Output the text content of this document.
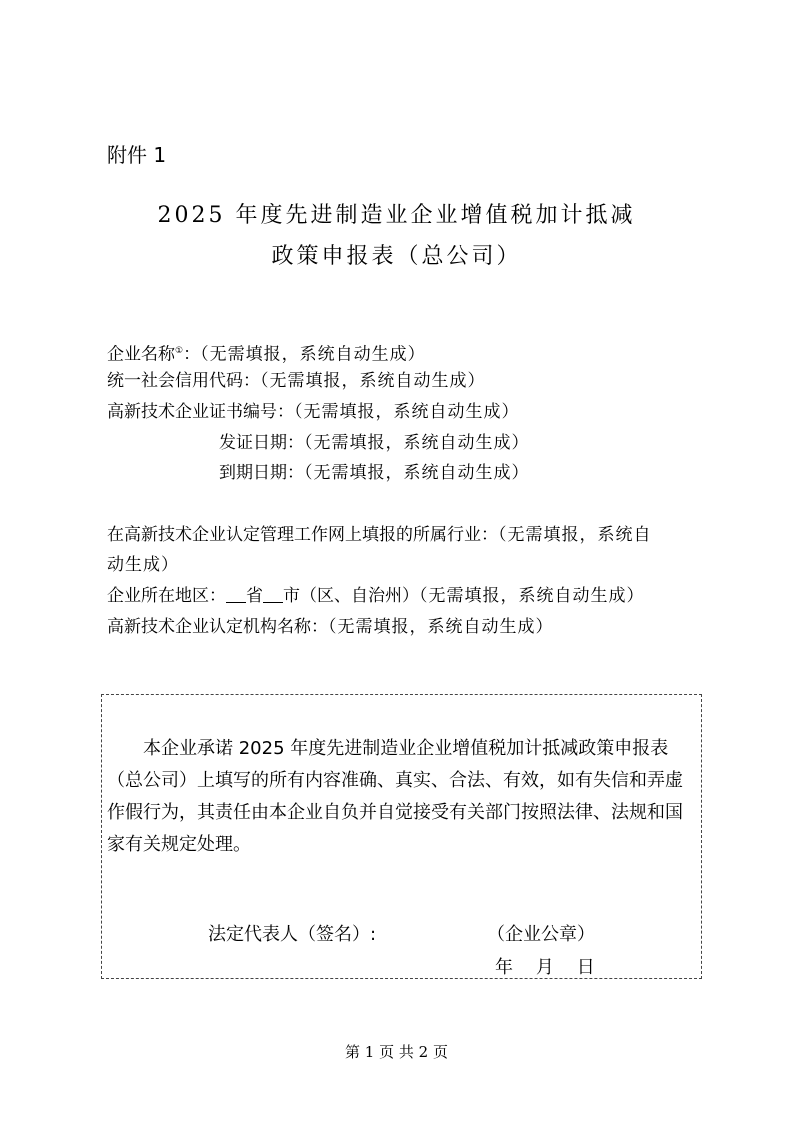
附件 1
2025 年度先进制造业企业增值税加计抵减
政策申报表（总公司）
企业名称①：（无需填报，系统自动生成）
统一社会信用代码：（无需填报，系统自动生成）
高新技术企业证书编号：（无需填报，系统自动生成）
发证日期：（无需填报，系统自动生成）
到期日期：（无需填报，系统自动生成）
在高新技术企业认定管理工作网上填报的所属行业：（无需填报，系统自
动生成）
企业所在地区： 省 市（区、自治州）（无需填报，系统自动生成）
高新技术企业认定机构名称：（无需填报，系统自动生成）
本企业承诺 2025 年度先进制造业企业增值税加计抵减政策申报表（总公司）上填写的所有内容准确、真实、合法、有效，如有失信和弄虚作假行为，其责任由本企业自负并自觉接受有关部门按照法律、法规和国家有关规定处理。
法定代表人（签名）:	（企业公章）
年    月    日
第 1 页 共 2 页
